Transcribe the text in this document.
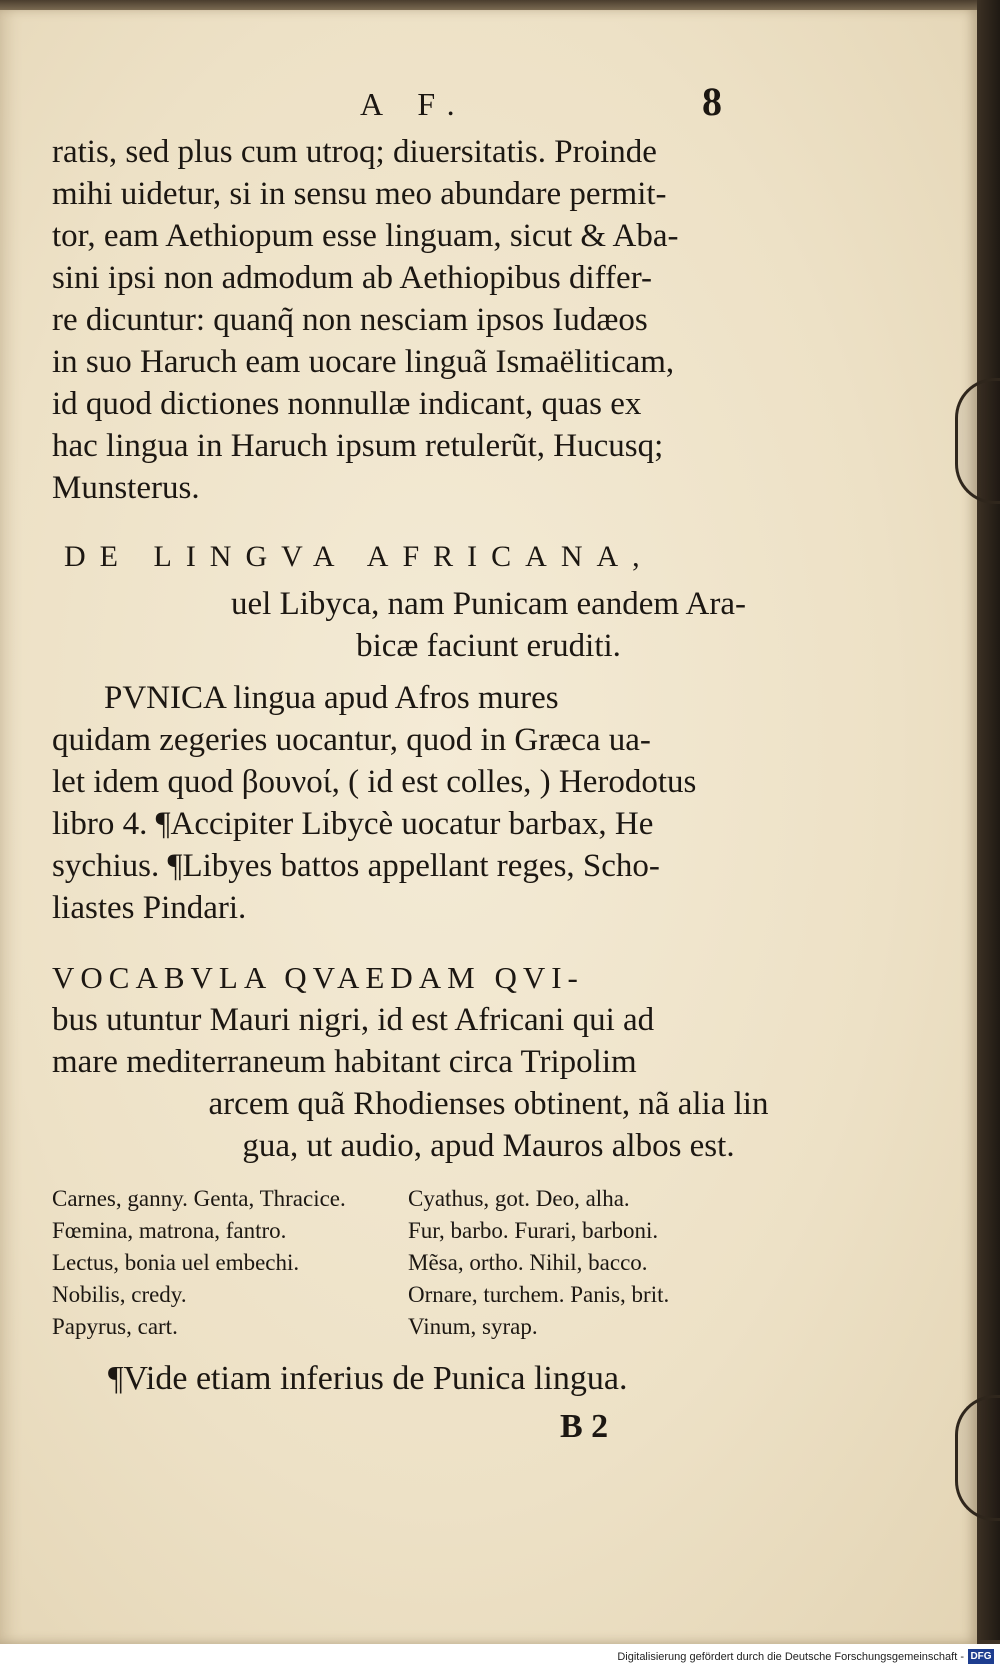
A F.	8
ratis, sed plus cum utroq; diuersitatis. Proinde
mihi uidetur, si in sensu meo abundare permit-
tor, eam Aethiopum esse linguam, sicut & Aba-
sini ipsi non admodum ab Aethiopibus differ-
re dicuntur: quanq̃ non nesciam ipsos Iudæos
in suo Haruch eam uocare linguã Ismaëliticam,
id quod dictiones nonnullæ indicant, quas ex
hac lingua in Haruch ipsum retulerũt, Hucusq;
Munsterus.
DE LINGVA AFRICANA,
uel Libyca, nam Punicam eandem Ara-
bicæ faciunt eruditi.
PVNICA lingua apud Afros mures
quidam zegeries uocantur, quod in Græca ua-
let idem quod βουνοί, ( id est colles, ) Herodotus
libro 4. ¶Accipiter Libycè uocatur barbax, He
sychius. ¶Libyes battos appellant reges, Scho-
liastes Pindari.
VOCABVLA QVAEDAM QVI-
bus utuntur Mauri nigri, id est Africani qui ad
mare mediterraneum habitant circa Tripolim
arcem quã Rhodienses obtinent, nã alia lin
gua, ut audio, apud Mauros albos est.
Carnes, ganny. Genta, Thracice.
Fœmina, matrona, fantro.
Lectus, bonia uel embechi.
Nobilis, credy.
Papyrus, cart.
Cyathus, got. Deo, alha.
Fur, barbo. Furari, barboni.
Mẽsa, ortho. Nihil, bacco.
Ornare, turchem. Panis, brit.
Vinum, syrap.
¶Vide etiam inferius de Punica lingua.
B 2
Digitalisierung gefördert durch die Deutsche Forschungsgemeinschaft - DFG
